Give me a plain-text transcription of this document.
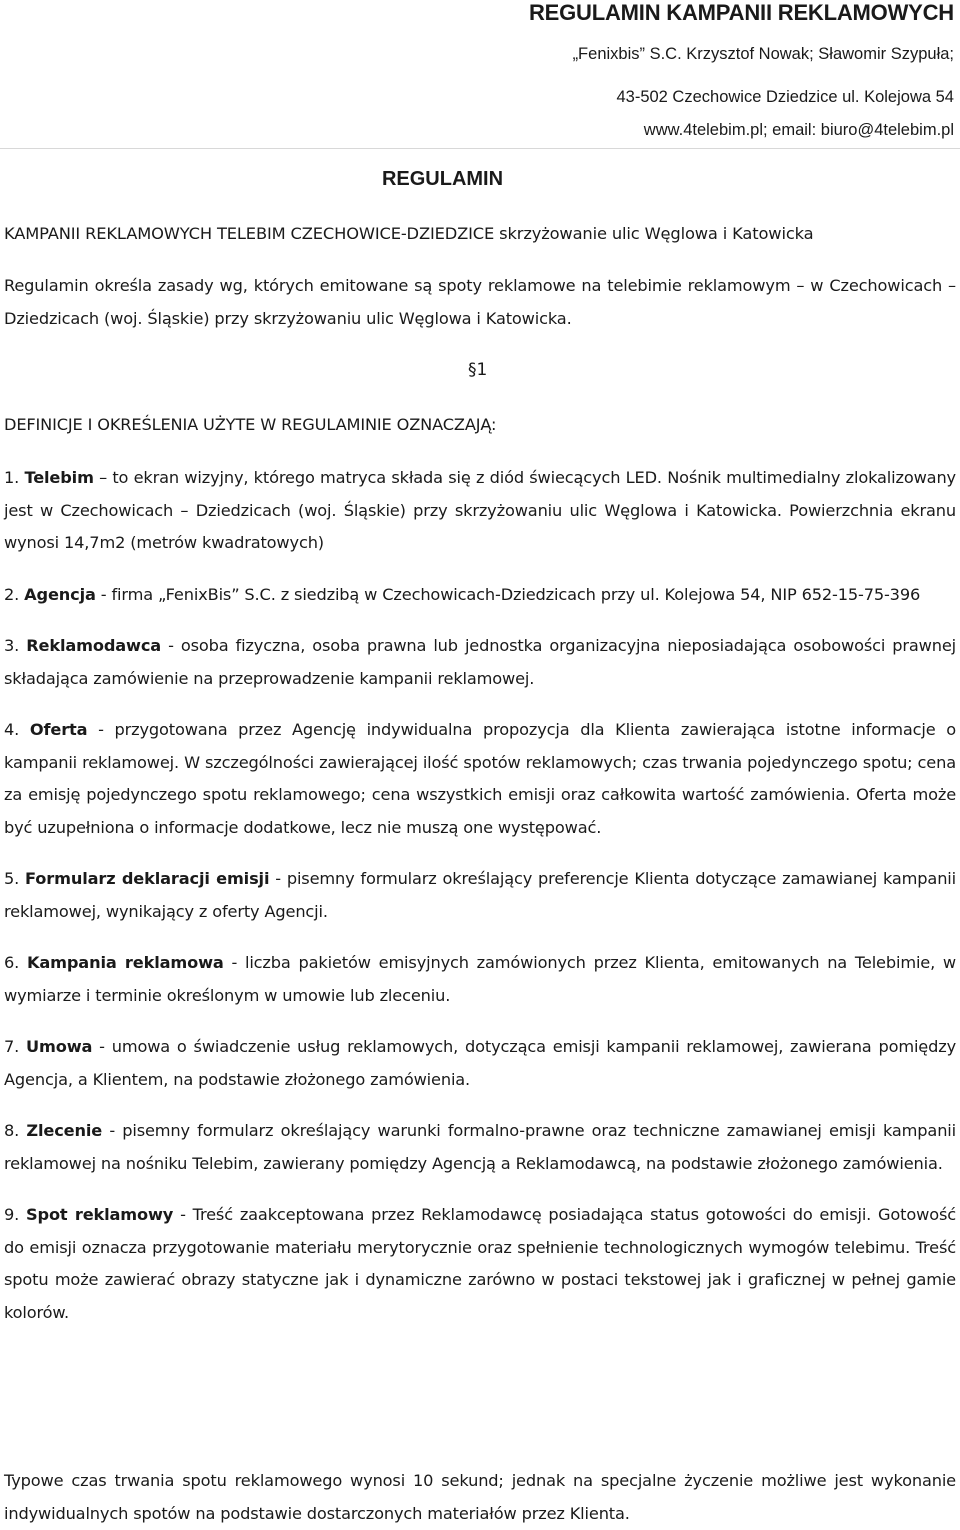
REGULAMIN KAMPANII REKLAMOWYCH
„Fenixbis” S.C. Krzysztof Nowak; Sławomir Szypuła;
43-502 Czechowice Dziedzice ul. Kolejowa 54
www.4telebim.pl; email: biuro@4telebim.pl
REGULAMIN
KAMPANII REKLAMOWYCH TELEBIM CZECHOWICE-DZIEDZICE skrzyżowanie ulic Węglowa i Katowicka
Regulamin określa zasady wg, których emitowane są spoty reklamowe na telebimie reklamowym – w Czechowicach – Dziedzicach (woj. Śląskie) przy skrzyżowaniu ulic Węglowa i Katowicka.
§1
DEFINICJE I OKREŚLENIA UŻYTE W REGULAMINIE OZNACZAJĄ:

1. Telebim – to ekran wizyjny, którego matryca składa się z diód świecących LED. Nośnik multimedialny zlokalizowany jest w Czechowicach – Dziedzicach (woj. Śląskie) przy skrzyżowaniu ulic Węglowa i Katowicka. Powierzchnia ekranu wynosi 14,7m2 (metrów kwadratowych)

2. Agencja - firma „FenixBis” S.C. z siedzibą w Czechowicach-Dziedzicach przy ul. Kolejowa 54, NIP 652-15-75-396

3. Reklamodawca - osoba fizyczna, osoba prawna lub jednostka organizacyjna nieposiadająca osobowości prawnej składająca zamówienie na przeprowadzenie kampanii reklamowej.

4. Oferta - przygotowana przez Agencję indywidualna propozycja dla Klienta zawierająca istotne informacje o kampanii reklamowej. W szczególności zawierającej ilość spotów reklamowych; czas trwania pojedynczego spotu; cena za emisję pojedynczego spotu reklamowego; cena wszystkich emisji oraz całkowita wartość zamówienia. Oferta może być uzupełniona o informacje dodatkowe, lecz nie muszą one występować.

5. Formularz deklaracji emisji - pisemny formularz określający preferencje Klienta dotyczące zamawianej kampanii reklamowej, wynikający z oferty Agencji.

6. Kampania reklamowa - liczba pakietów emisyjnych zamówionych przez Klienta, emitowanych na Telebimie, w wymiarze i terminie określonym w umowie lub zleceniu.

7. Umowa - umowa o świadczenie usług reklamowych, dotycząca emisji kampanii reklamowej, zawierana pomiędzy Agencja, a Klientem, na podstawie złożonego zamówienia.

8. Zlecenie - pisemny formularz określający warunki formalno-prawne oraz techniczne zamawianej emisji kampanii reklamowej na nośniku Telebim, zawierany pomiędzy Agencją a Reklamodawcą, na podstawie złożonego zamówienia.

9. Spot reklamowy - Treść zaakceptowana przez Reklamodawcę posiadająca status gotowości do emisji. Gotowość do emisji oznacza przygotowanie materiału merytorycznie oraz spełnienie technologicznych wymogów telebimu. Treść spotu może zawierać obrazy statyczne jak i dynamiczne zarówno w postaci tekstowej jak i graficznej w pełnej gamie kolorów.

Typowe czas trwania spotu reklamowego wynosi 10 sekund; jednak na specjalne życzenie możliwe jest wykonanie indywidualnych spotów na podstawie dostarczonych materiałów przez Klienta.
